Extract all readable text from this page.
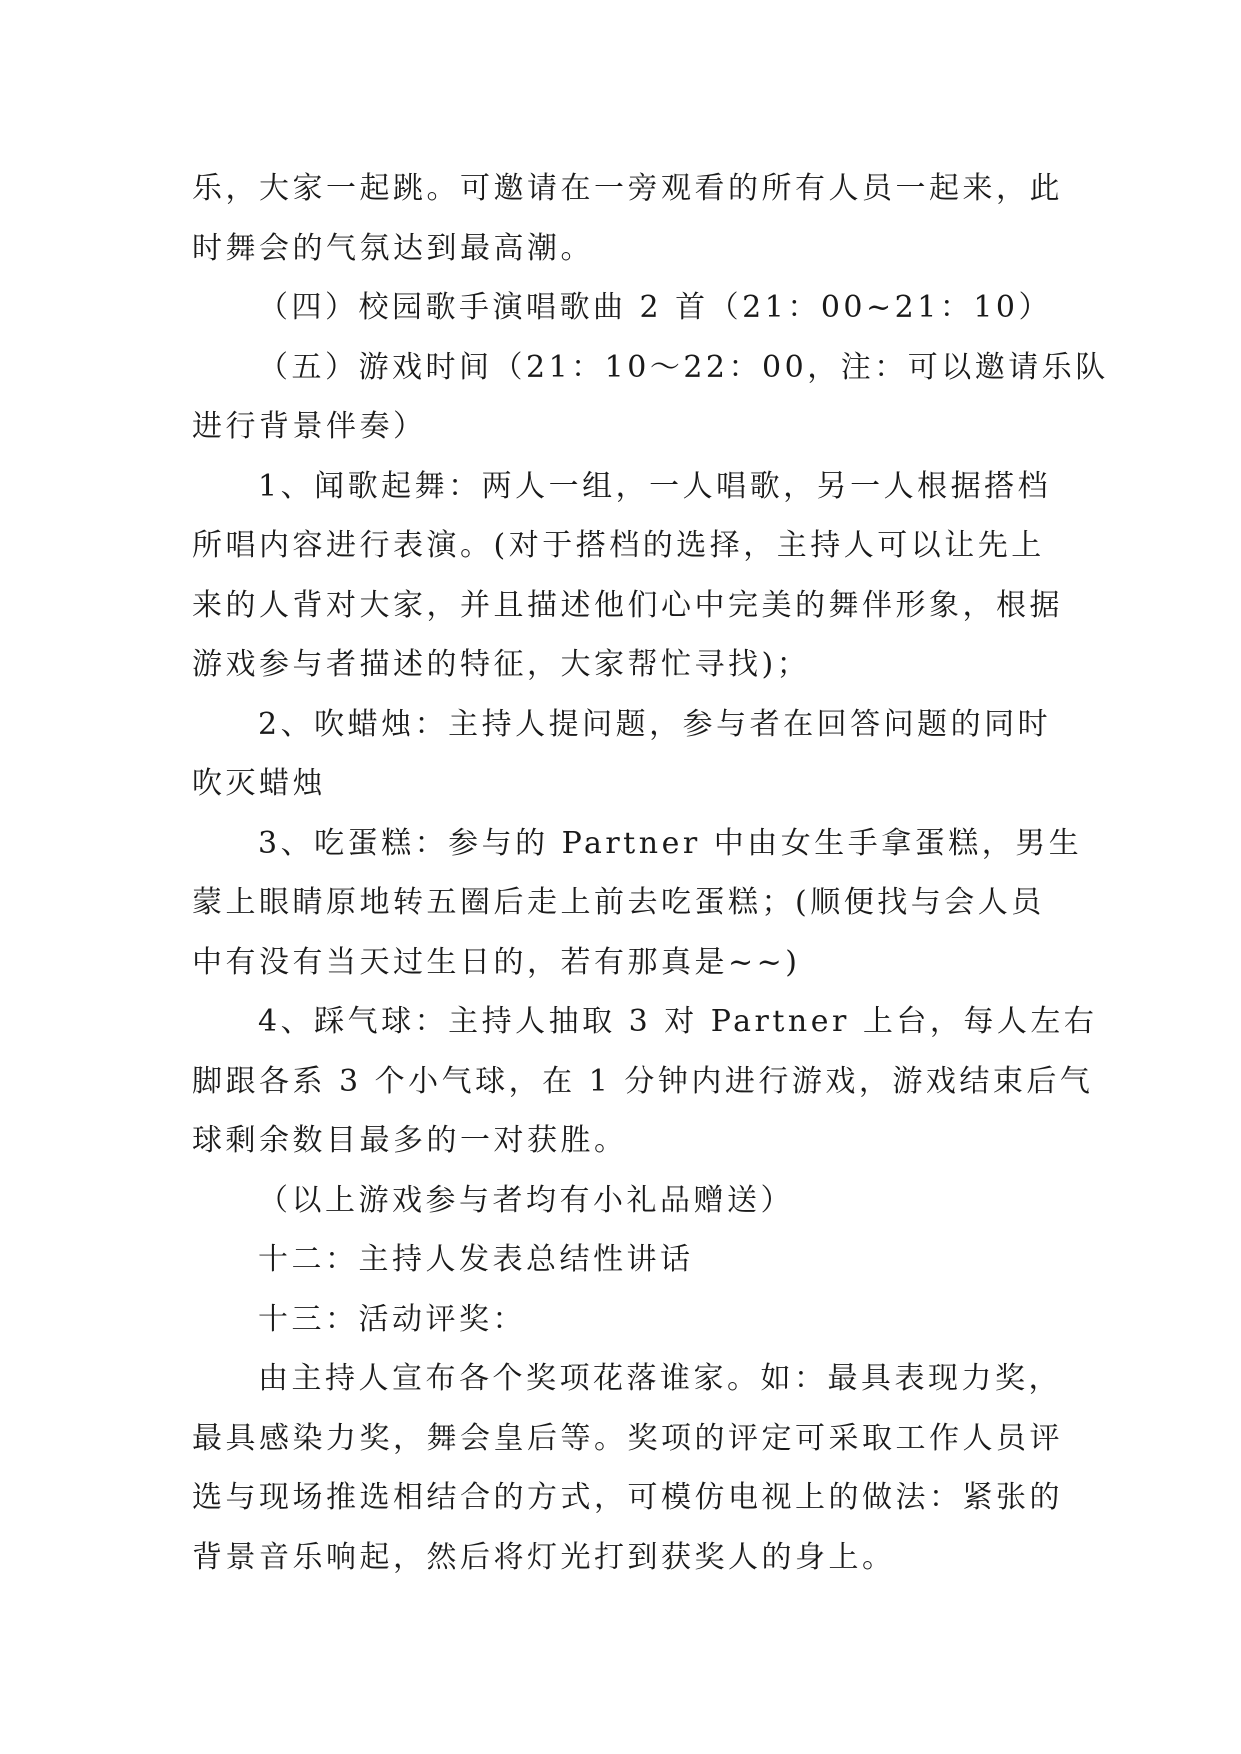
乐，大家一起跳。可邀请在一旁观看的所有人员一起来，此
时舞会的气氛达到最高潮。
（四）校园歌手演唱歌曲 2 首（21：00~21：10）
（五）游戏时间（21：10～22：00，注：可以邀请乐队
进行背景伴奏）
1、闻歌起舞：两人一组，一人唱歌，另一人根据搭档
所唱内容进行表演。(对于搭档的选择，主持人可以让先上
来的人背对大家，并且描述他们心中完美的舞伴形象，根据
游戏参与者描述的特征，大家帮忙寻找)；
2、吹蜡烛：主持人提问题，参与者在回答问题的同时
吹灭蜡烛
3、吃蛋糕：参与的 Partner 中由女生手拿蛋糕，男生
蒙上眼睛原地转五圈后走上前去吃蛋糕；(顺便找与会人员
中有没有当天过生日的，若有那真是~~)
4、踩气球：主持人抽取 3 对 Partner 上台，每人左右
脚跟各系 3 个小气球，在 1 分钟内进行游戏，游戏结束后气
球剩余数目最多的一对获胜。
（以上游戏参与者均有小礼品赠送）
十二：主持人发表总结性讲话
十三：活动评奖：
由主持人宣布各个奖项花落谁家。如：最具表现力奖，
最具感染力奖，舞会皇后等。奖项的评定可采取工作人员评
选与现场推选相结合的方式，可模仿电视上的做法：紧张的
背景音乐响起，然后将灯光打到获奖人的身上。
